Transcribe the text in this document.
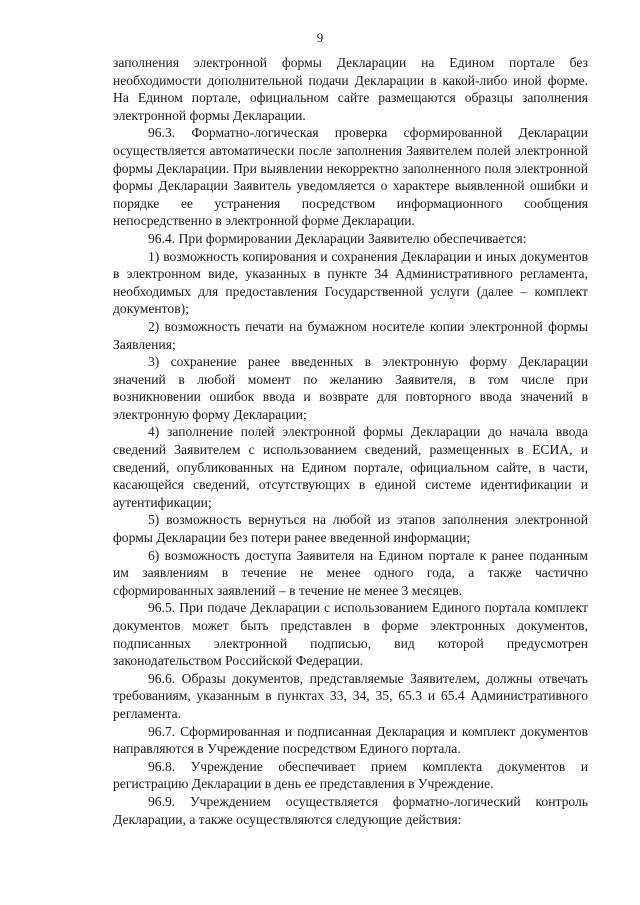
9

заполнения электронной формы Декларации на Едином портале без необходимости дополнительной подачи Декларации в какой-либо иной форме. На Едином портале, официальном сайте размещаются образцы заполнения электронной формы Декларации.

96.3. Форматно-логическая проверка сформированной Декларации осуществляется автоматически после заполнения Заявителем полей электронной формы Декларации. При выявлении некорректно заполненного поля электронной формы Декларации Заявитель уведомляется о характере выявленной ошибки и порядке ее устранения посредством информационного сообщения непосредственно в электронной форме Декларации.

96.4. При формировании Декларации Заявителю обеспечивается:

1) возможность копирования и сохранения Декларации и иных документов в электронном виде, указанных в пункте 34 Административного регламента, необходимых для предоставления Государственной услуги (далее – комплект документов);

2) возможность печати на бумажном носителе копии электронной формы Заявления;

3) сохранение ранее введенных в электронную форму Декларации значений в любой момент по желанию Заявителя, в том числе при возникновении ошибок ввода и возврате для повторного ввода значений в электронную форму Декларации;

4) заполнение полей электронной формы Декларации до начала ввода сведений Заявителем с использованием сведений, размещенных в ЕСИА, и сведений, опубликованных на Едином портале, официальном сайте, в части, касающейся сведений, отсутствующих в единой системе идентификации и аутентификации;

5) возможность вернуться на любой из этапов заполнения электронной формы Декларации без потери ранее введенной информации;

6) возможность доступа Заявителя на Едином портале к ранее поданным им заявлениям в течение не менее одного года, а также частично сформированных заявлений – в течение не менее 3 месяцев.

96.5. При подаче Декларации с использованием Единого портала комплект документов может быть представлен в форме электронных документов, подписанных электронной подписью, вид которой предусмотрен законодательством Российской Федерации.

96.6. Образы документов, представляемые Заявителем, должны отвечать требованиям, указанным в пунктах 33, 34, 35, 65.3 и 65.4 Административного регламента.

96.7. Сформированная и подписанная Декларация и комплект документов направляются в Учреждение посредством Единого портала.

96.8. Учреждение обеспечивает прием комплекта документов и регистрацию Декларации в день ее представления в Учреждение.

96.9. Учреждением осуществляется форматно-логический контроль Декларации, а также осуществляются следующие действия:
